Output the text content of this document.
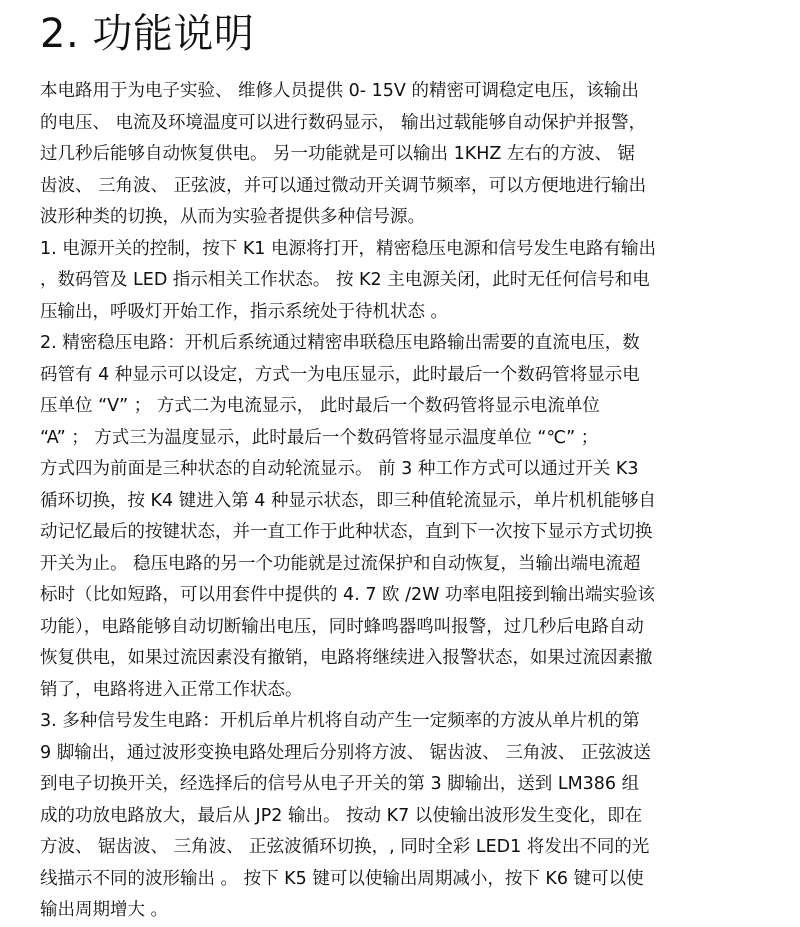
2. 功能说明
本电路用于为电子实验、 维修人员提供 0- 15V 的精密可调稳定电压，该输出
的电压、 电流及环境温度可以进行数码显示， 输出过载能够自动保护并报警，
过几秒后能够自动恢复供电。 另一功能就是可以输出 1KHZ 左右的方波、 锯
齿波、 三角波、 正弦波，并可以通过微动开关调节频率，可以方便地进行输出
波形种类的切换，从而为实验者提供多种信号源。
1. 电源开关的控制，按下 K1 电源将打开，精密稳压电源和信号发生电路有输出
，数码管及 LED 指示相关工作状态。 按 K2 主电源关闭，此时无任何信号和电
压输出，呼吸灯开始工作，指示系统处于待机状态 。
2. 精密稳压电路：开机后系统通过精密串联稳压电路输出需要的直流电压，数
码管有 4 种显示可以设定，方式一为电压显示，此时最后一个数码管将显示电
压单位 “V” ； 方式二为电流显示， 此时最后一个数码管将显示电流单位
“A” ； 方式三为温度显示，此时最后一个数码管将显示温度单位 “℃” ；
方式四为前面是三种状态的自动轮流显示。 前 3 种工作方式可以通过开关 K3
循环切换，按 K4 键进入第 4 种显示状态，即三种值轮流显示，单片机机能够自
动记忆最后的按键状态，并一直工作于此种状态，直到下一次按下显示方式切换
开关为止。 稳压电路的另一个功能就是过流保护和自动恢复，当输出端电流超
标时（比如短路，可以用套件中提供的 4. 7 欧 /2W 功率电阻接到输出端实验该
功能），电路能够自动切断输出电压，同时蜂鸣器鸣叫报警，过几秒后电路自动
恢复供电，如果过流因素没有撤销，电路将继续进入报警状态，如果过流因素撤
销了，电路将进入正常工作状态。
3. 多种信号发生电路：开机后单片机将自动产生一定频率的方波从单片机的第
9 脚输出，通过波形变换电路处理后分别将方波、 锯齿波、 三角波、 正弦波送
到电子切换开关，经选择后的信号从电子开关的第 3 脚输出，送到 LM386 组
成的功放电路放大，最后从 JP2 输出。 按动 K7 以使输出波形发生变化，即在
方波、 锯齿波、 三角波、 正弦波循环切换，, 同时全彩 LED1 将发出不同的光
线描示不同的波形输出 。 按下 K5 键可以使输出周期减小，按下 K6 键可以使
输出周期增大 。
